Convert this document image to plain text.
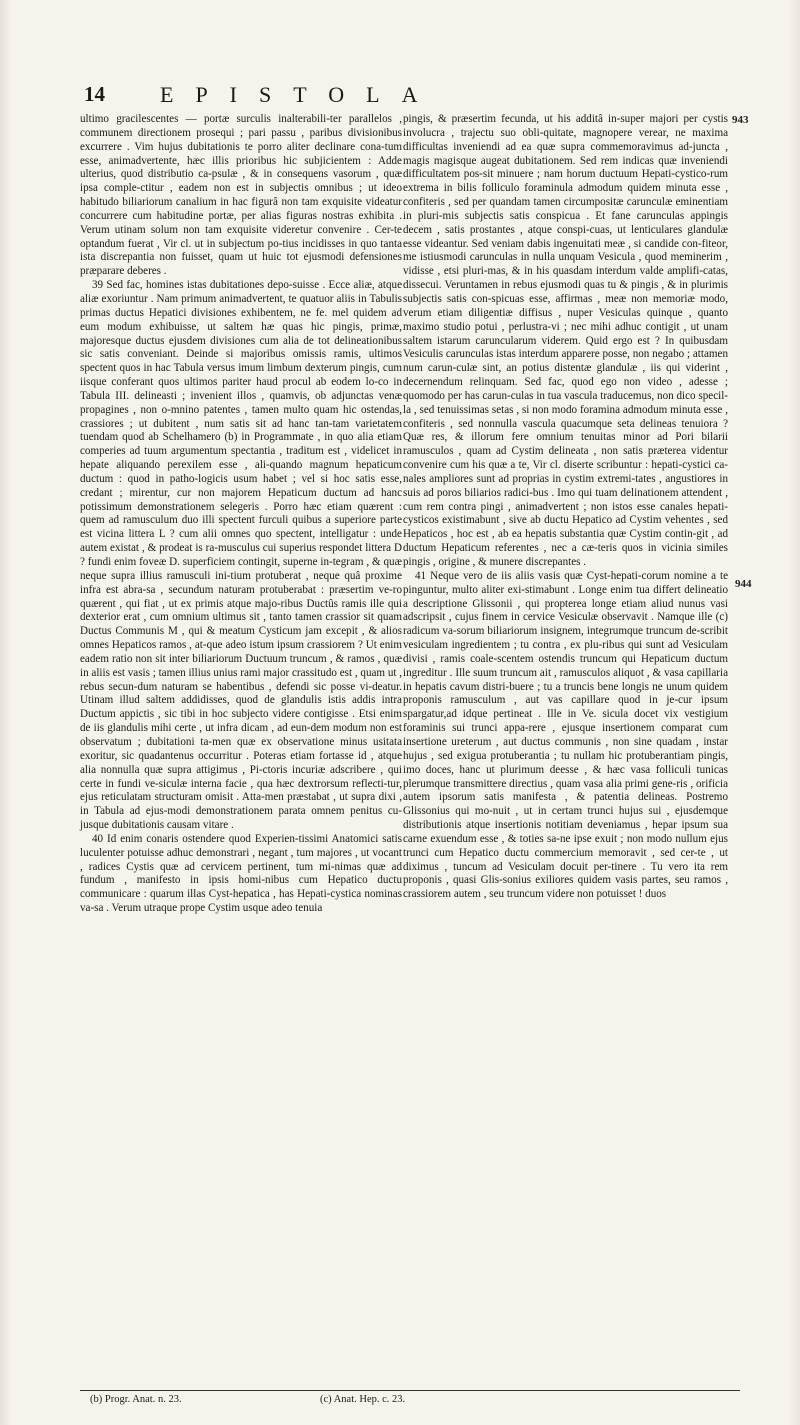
14	EPISTOLA

ultimo gracilescentes — portæ surculis inalterabili-ter parallelos , communem directionem prosequi ; pari passu , paribus divisionibus excurrere . Vim hujus dubitationis te porro aliter declinare cona-tum esse, animadvertente, hæc illis prioribus hic subjicientem : Adde ulterius, quod distributio ca-psulæ , & in consequens vasorum , quæ ipsa comple-ctitur , eadem non est in subjectis omnibus ; ut ideo habitudo biliariorum canalium in hac figurâ non tam exquisite videatur concurrere cum habitudine portæ, per alias figuras nostras exhibita . Verum utinam solum non tam exquisite videretur convenire . Cer-te optandum fuerat , Vir cl. ut in subjectum po-tius incidisses in quo tanta ista discrepantia non fuisset, quam ut huic tot ejusmodi defensiones præparare deberes .

39 Sed fac, homines istas dubitationes depo-suisse . Ecce aliæ, atque aliæ exoriuntur . Nam primum animadvertent, te quatuor aliis in Tabulis primas ductus Hepatici divisiones exhibentem, ne fe. mel quidem ad eum modum exhibuisse, ut saltem hæ quas hic pingis, primæ, majoresque ductus ejusdem divisiones cum alia de tot delineationibus sic satis conveniant. Deinde si majoribus omissis ramis, ultimos spectent quos in hac Tabula versus imum limbum dexterum pingis, cum iisque conferant quos ultimos pariter haud procul ab eodem lo-co in Tabula III. delineasti ; invenient illos , quamvis, ob adjunctas venæ propagines , non o-mnino patentes , tamen multo quam hic ostendas, crassiores ; ut dubitent , num satis sit ad hanc tan-tam varietatem tuendam quod ab Schelhamero (b) in Programmate , in quo alia etiam comperies ad tuum argumentum spectantia , traditum est , videlicet in hepate aliquando perexilem esse , ali-quando magnum hepaticum ductum : quod in patho-logicis usum habet ; vel si hoc satis esse, credant ; mirentur, cur non majorem Hepaticum ductum ad hanc potissimum demonstrationem selegeris . Porro hæc etiam quærent : quem ad ramusculum duo illi spectent furculi quibus a superiore parte est vicina littera L ? cum alii omnes quo spectent, intelligatur : unde autem existat , & prodeat is ra-musculus cui superius respondet littera D ? fundi enim foveæ D. superficiem contingit, superne in-tegram , & quæ neque supra illius ramusculi ini-tium protuberat , neque quâ proxime infra est abra-sa , secundum naturam protuberabat : præsertim ve-ro quærent , qui fiat , ut ex primis atque majo-ribus Ductûs ramis ille qui dexterior erat , cum omnium ultimus sit , tanto tamen crassior sit quam Ductus Communis M , qui & meatum Cysticum jam excepit , & alios omnes Hepaticos ramos , at-que adeo istum ipsum crassiorem ? Ut enim eadem ratio non sit inter biliariorum Ductuum truncum , & ramos , quæ in aliis est vasis ; tamen illius unius rami major crassitudo est , quam ut , rebus secun-dum naturam se habentibus , defendi sic posse vi-deatur. Utinam illud saltem addidisses, quod de glandulis istis addis intra Ductum appictis , sic tibi in hoc subjecto videre contigisse . Etsi enim de iis glandulis mihi certe , ut infra dicam , ad eun-dem modum non est observatum ; dubitationi ta-men quæ ex observatione minus usitata exoritur, sic quadantenus occurritur . Poteras etiam fortasse id , atque alia nonnulla quæ supra attigimus , Pi-ctoris incuriæ adscribere , qui certe in fundi ve-siculæ interna facie , qua hæc dextrorsum reflecti-tur, ejus reticulatam structuram omisit . Atta-men præstabat , ut supra dixi , in Tabula ad ejus-modi demonstrationem parata omnem penitus cu-jusque dubitationis causam vitare .

40 Id enim conaris ostendere quod Experien-tissimi Anatomici satis luculenter potuisse adhuc demonstrari , negant , tum majores , ut vocant , radices Cystis quæ ad cervicem pertinent, tum mi-nimas quæ ad fundum , manifesto in ipsis homi-nibus cum Hepatico ductu communicare : quarum illas Cyst-hepatica , has Hepati-cystica nominas va-sa . Verum utraque prope Cystim usque adeo tenuia

pingis, & præsertim fecunda, ut his additâ in-super majori per cystis involucra , trajectu suo obli-quitate, magnopere verear, ne maxima difficultas inveniendi ad ea quæ supra commemoravimus ad-juncta , magis magisque augeat dubitationem. Sed rem indicas quæ inveniendi difficultatem pos-sit minuere ; nam horum ductuum Hepati-cystico-rum extrema in bilis folliculo foraminula admodum quidem minuta esse , confiteris , sed per quandam tamen circumpositæ carunculæ eminentiam in pluri-mis subjectis satis conspicua . Et fane carunculas appingis decem , satis prostantes , atque conspi-cuas, ut lenticulares glandulæ esse videantur. Sed veniam dabis ingenuitati meæ , si candide con-fiteor, me istiusmodi carunculas in nulla unquam Vesicula , quod meminerim , vidisse , etsi pluri-mas, & in his quasdam interdum valde amplifi-catas, dissecui. Veruntamen in rebus ejusmodi quas tu & pingis , & in plurimis subjectis satis con-spicuas esse, affirmas , meæ non memoriæ modo, verum etiam diligentiæ diffisus , nuper Vesiculas quinque , quanto maximo studio potui , perlustra-vi ; nec mihi adhuc contigit , ut unam saltem istarum caruncularum viderem. Quid ergo est ? In quibusdam Vesiculis carunculas istas interdum apparere posse, non negabo ; attamen num carun-culæ sint, an potius distentæ glandulæ , iis qui viderint , decernendum relinquam. Sed fac, quod ego non video , adesse ; quomodo per has carun-culas in tua vascula traducemus, non dico specil-la , sed tenuissimas setas , si non modo foramina admodum minuta esse , confiteris , sed nonnulla vascula quacumque seta delineas tenuiora ? Quæ res, & illorum fere omnium tenuitas minor ad Pori bilarii ramusculos , quam ad Cystim delineata , non satis præterea videntur convenire cum his quæ a te, Vir cl. diserte scribuntur : hepati-cystici ca-nales ampliores sunt ad proprias in cystim extremi-tates , angustiores in suis ad poros biliarios radici-bus . Imo qui tuam delinationem attendent , cum rem contra pingi , animadvertent ; non istos esse canales hepati-cysticos existimabunt , sive ab ductu Hepatico ad Cystim vehentes , sed Hepaticos , hoc est , ab ea hepatis substantia quæ Cystim contin-git , ad ductum Hepaticum referentes , nec a cæ-teris quos in vicinia similes pingis , origine , & munere discrepantes .

41 Neque vero de iis aliis vasis quæ Cyst-hepati-corum nomine a te pinguntur, multo aliter exi-stimabunt . Longe enim tua differt delineatio a descriptione Glissonii , qui propterea longe etiam aliud nunus vasi adscripsit , cujus finem in cervice Vesiculæ observavit . Namque ille (c) radicum va-sorum biliariorum insignem, integrumque truncum de-scribit vesiculam ingredientem ; tu contra , ex plu-ribus qui sunt ad Vesiculam divisi , ramis coale-scentem ostendis truncum qui Hepaticum ductum ingreditur . Ille suum truncum ait , ramusculos aliquot , & vasa capillaria in hepatis cavum distri-buere ; tu a truncis bene longis ne unum quidem proponis ramusculum , aut vas capillare quod in je-cur ipsum spargatur,ad idque pertineat . Ille in Ve. sicula docet vix vestigium foraminis sui trunci appa-rere , ejusque insertionem comparat cum insertione ureterum , aut ductus communis , non sine quadam , instar hujus , sed exigua protuberantia ; tu nullam hic protuberantiam pingis, imo doces, hanc ut plurimum deesse , & hæc vasa folliculi tunicas plerumque transmittere directius , quam vasa alia primi gene-ris , orificia autem ipsorum satis manifesta , & patentia delineas. Postremo Glissonius qui mo-nuit , ut in certam trunci hujus sui , ejusdemque distributionis atque insertionis notitiam deveniamus , hepar ipsum sua carne exuendum esse , & toties sa-ne ipse exuit ; non modo nullum ejus trunci cum Hepatico ductu commercium memoravit , sed cer-te , ut diximus , tuncum ad Vesiculam docuit per-tinere . Tu vero ita rem proponis , quasi Glis-sonius exiliores quidem vasis partes, seu ramos , crassiorem autem , seu truncum videre non potuisset ! duos

943
944
(b) Progr. Anat. n. 23.	(c) Anat. Hep. c. 23.
